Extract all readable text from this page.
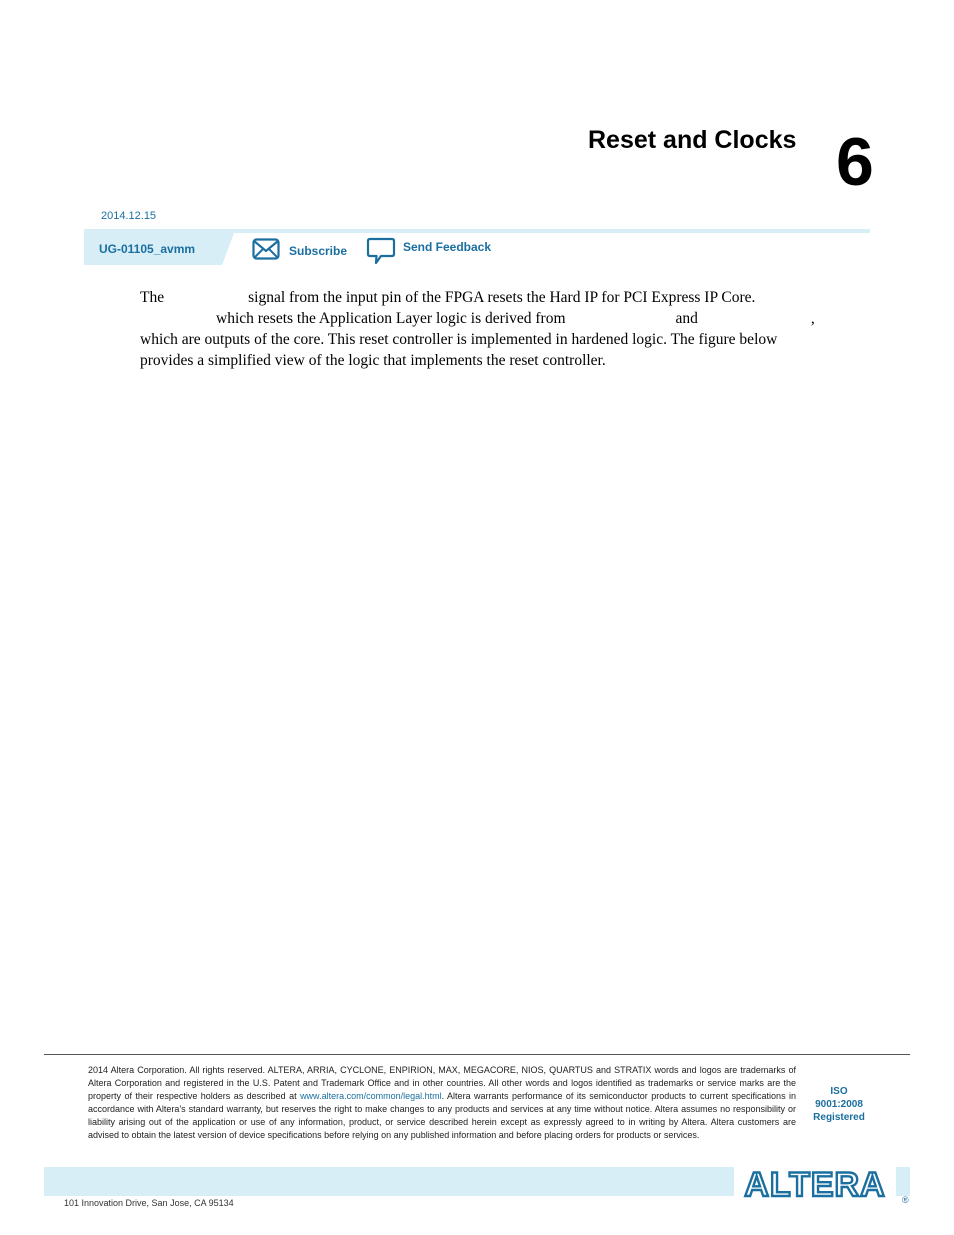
Reset and Clocks 6
2014.12.15
UG-01105_avmm	Subscribe	Send Feedback

The	signal from the input pin of the FPGA resets the Hard IP for PCI Express IP Core.

which resets the Application Layer logic is derived from	and	,

which are outputs of the core. This reset controller is implemented in hardened logic. The figure below

provides a simplified view of the logic that implements the reset controller.

2014 Altera Corporation. All rights reserved. ALTERA, ARRIA, CYCLONE, ENPIRION, MAX, MEGACORE, NIOS, QUARTUS and STRATIX words and logos are trademarks of Altera Corporation and registered in the U.S. Patent and Trademark Office and in other countries. All other words and logos identified as trademarks or service marks are the property of their respective holders as described at www.altera.com/common/legal.html. Altera warrants performance of its semiconductor products to current specifications in accordance with Altera's standard warranty, but reserves the right to make changes to any products and services at any time without notice. Altera assumes no responsibility or liability arising out of the application or use of any information, product, or service described herein except as expressly agreed to in writing by Altera. Altera customers are advised to obtain the latest version of device specifications before relying on any published information and before placing orders for products or services.
ISO
9001:2008
Registered
ALTERA ®
101 Innovation Drive, San Jose, CA 95134
